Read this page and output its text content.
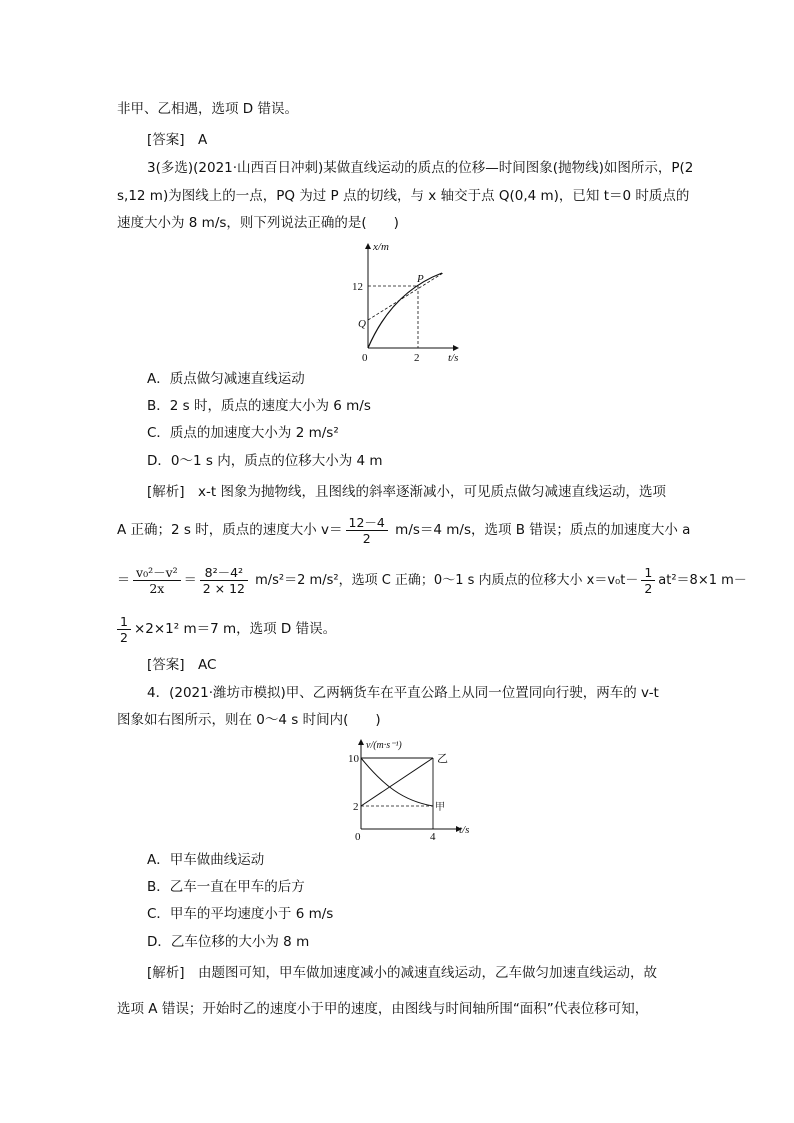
非甲、乙相遇，选项 D 错误。
[答案]　A
3(多选)(2021·山西百日冲刺)某做直线运动的质点的位移—时间图象(抛物线)如图所示，P(2
s,12 m)为图线上的一点，PQ 为过 P 点的切线，与 x 轴交于点 Q(0,4 m)，已知 t＝0 时质点的
速度大小为 8 m/s，则下列说法正确的是(　　)
x/m
t/s
12
2
0
P
Q
A．质点做匀减速直线运动
B．2 s 时，质点的速度大小为 6 m/s
C．质点的加速度大小为 2 m/s²
D．0～1 s 内，质点的位移大小为 4 m
[解析]　x-t 图象为抛物线，且图线的斜率逐渐减小，可见质点做匀减速直线运动，选项
A 正确；2 s 时，质点的速度大小 $v= \frac{12-4}{2} m/s=4$ m/s，选项 B 错误；质点的加速度大小 a
＝ $\frac{\text{v₀²－v²}}{2x} = \frac{\text{8²－4²}}{2 \times 12} m/s^2=2$ m/s²，选项 C 正确；0～1 s 内质点的位移大小 $x=v_0t- \frac{1}{2} at^2=8\times 1$ m－
$\frac{1}{2} \times 2\times 1^2$ m＝7 m，选项 D 错误。
[答案]　AC
4．(2021·潍坊市模拟)甲、乙两辆货车在平直公路上从同一位置同向行驶，两车的 v-t
图象如右图所示，则在 0～4 s 时间内(　　)
v/(m·s⁻¹)
t/s
10
2
4
0
乙
甲
A．甲车做曲线运动
B．乙车一直在甲车的后方
C．甲车的平均速度小于 6 m/s
D．乙车位移的大小为 8 m
[解析]　由题图可知，甲车做加速度减小的减速直线运动，乙车做匀加速直线运动，故
选项 A 错误；开始时乙的速度小于甲的速度，由图线与时间轴所围“面积”代表位移可知，
